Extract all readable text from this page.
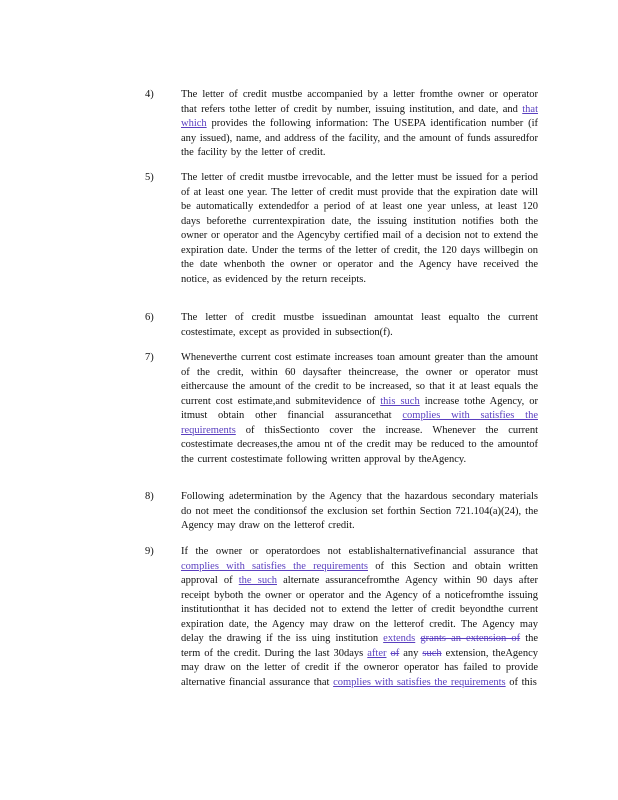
4)	The letter of credit mustbe accompanied by a letter fromthe owner or operator that refers tothe letter of credit by number, issuing institution, and date, and that which provides the following information: The USEPA identification number (if any issued), name, and address of the facility, and the amount of funds assuredfor the facility by the letter of credit.
5)	The letter of credit mustbe irrevocable, and the letter must be issued for a period of at least one year. The letter of credit must provide that the expiration date will be automatically extendedfor a period of at least one year unless, at least 120 days beforethe currentexpiration date, the issuing institution notifies both the owner or operator and the Agencyby certified mail of a decision not to extend the expiration date. Under the terms of the letter of credit, the 120 days willbegin on the date whenboth the owner or operator and the Agency have received the notice, as evidenced by the return receipts.
6)	The letter of credit mustbe issuedinan amountat least equalto the current costestimate, except as provided in subsection(f).
7)	Wheneverthe current cost estimate increases toan amount greater than the amount of the credit, within 60 daysafter theincrease, the owner or operator must eithercause the amount of the credit to be increased, so that it at least equals the current cost estimate,and submitevidence of this such increase tothe Agency, or itmust obtain other financial assurancethat complies with satisfies the requirements of thisSectionto cover the increase. Whenever the current costestimate decreases,the amou nt of the credit may be reduced to the amountof the current costestimate following written approval by theAgency.
8)	Following adetermination by the Agency that the hazardous secondary materials do not meet the conditionsof the exclusion set forthin Section 721.104(a)(24), the Agency may draw on the letterof credit.
9)	If the owner or operatordoes not establishalternativefinancial assurance that complies with satisfies the requirements of this Section and obtain written approval of the such alternate assurancefromthe Agency within 90 days after receipt byboth the owner or operator and the Agency of a noticefromthe issuing institutionthat it has decided not to extend the letter of credit beyondthe current expiration date, the Agency may draw on the letterof credit. The Agency may delay the drawing if the iss uing institution extends grants an extension of the term of the credit. During the last 30days after of any such extension, theAgency may draw on the letter of credit if the owneror operator has failed to provide alternative financial assurance that complies with satisfies the requirements of this
